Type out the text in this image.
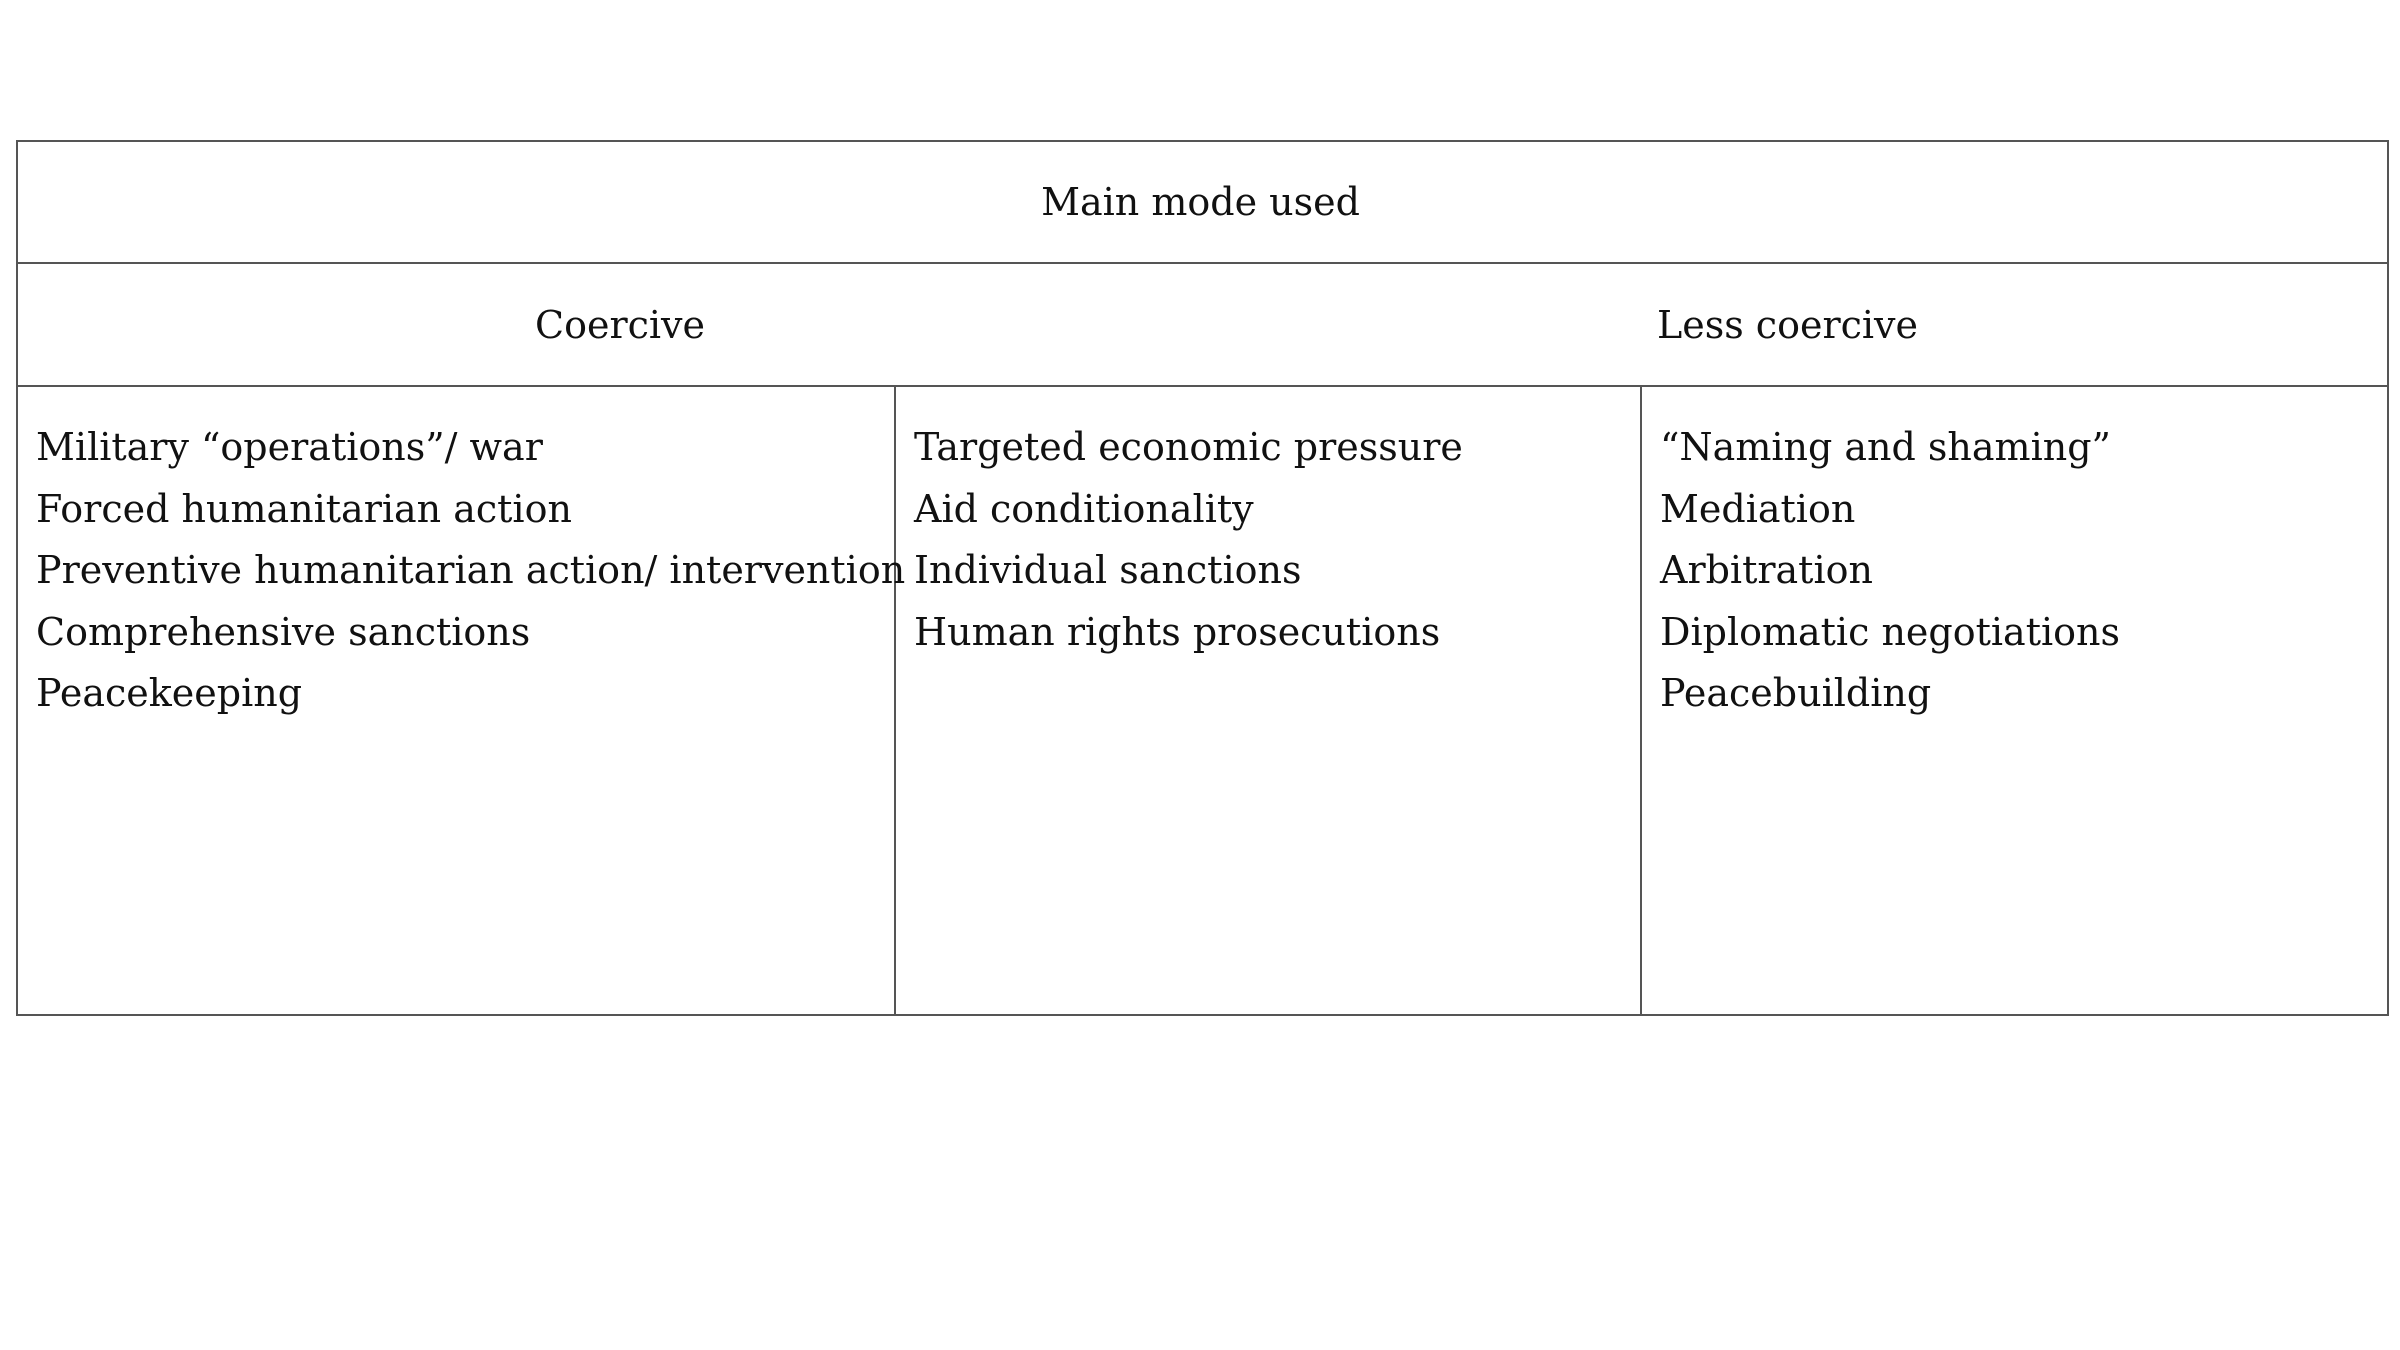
Main mode used
Coercive	Less coercive
Military “operations”/ war
Forced humanitarian action
Preventive humanitarian action/ intervention
Comprehensive sanctions
Peacekeeping
Targeted economic pressure
Aid conditionality
Individual sanctions
Human rights prosecutions
“Naming and shaming”
Mediation
Arbitration
Diplomatic negotiations
Peacebuilding
